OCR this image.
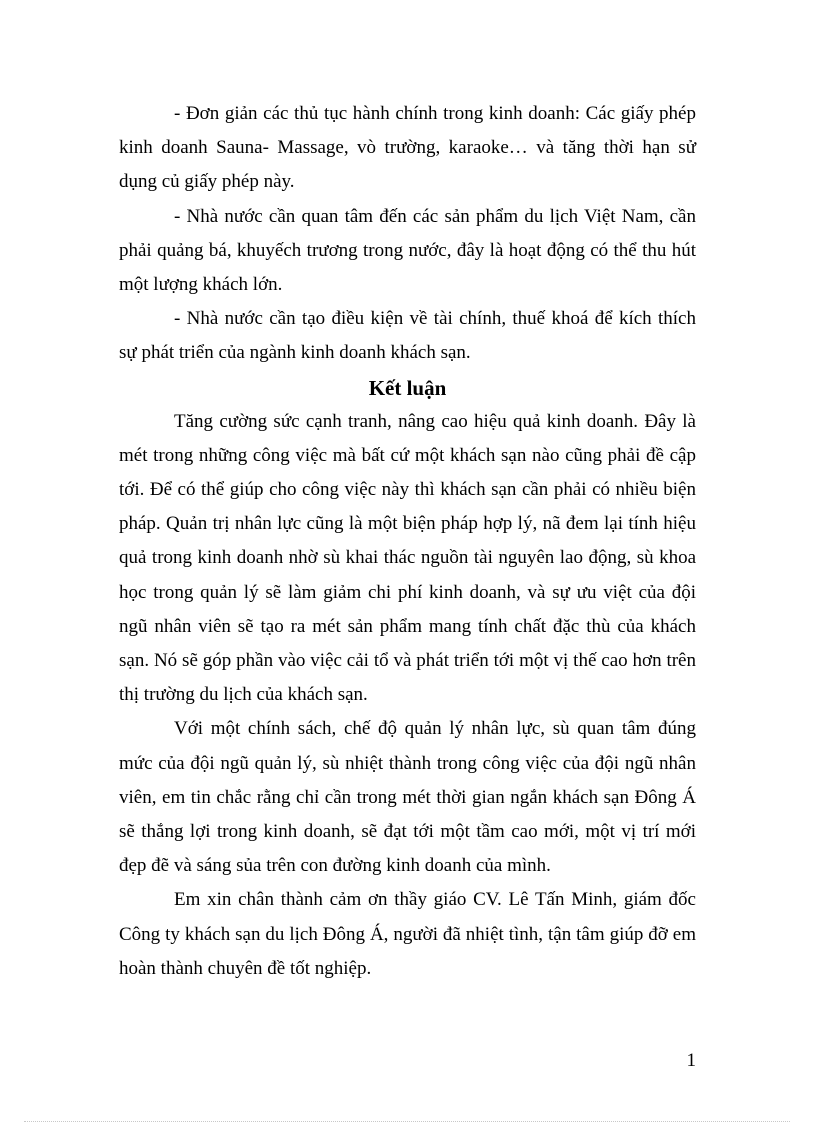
- Đơn giản các thủ tục hành chính trong kinh doanh: Các giấy phép kinh doanh Sauna- Massage, vò trường, karaoke… và tăng thời hạn sử dụng củ giấy phép này.

- Nhà nước cần quan tâm đến các sản phẩm du lịch Việt Nam, cần phải quảng bá, khuyếch trương trong nước, đây là hoạt động có thể thu hút một lượng khách lớn.

- Nhà nước cần tạo điều kiện về tài chính, thuế khoá để kích thích sự phát triển của ngành kinh doanh khách sạn.

Kết luận

Tăng cường sức cạnh tranh, nâng cao hiệu quả kinh doanh. Đây là mét trong những công việc mà bất cứ một khách sạn nào cũng phải đề cập tới. Để có thể giúp cho công việc này thì khách sạn cần phải có nhiều biện pháp. Quản trị nhân lực cũng là một biện pháp hợp lý, nã đem lại tính hiệu quả trong kinh doanh nhờ sù khai thác nguồn tài nguyên lao động, sù khoa học trong quản lý sẽ làm giảm chi phí kinh doanh, và sự ưu việt của đội ngũ nhân viên sẽ tạo ra mét sản phẩm mang tính chất đặc thù của khách sạn. Nó sẽ góp phần vào việc cải tổ và phát triển tới một vị thế cao hơn trên thị trường du lịch của khách sạn.

Với một chính sách, chế độ quản lý nhân lực, sù quan tâm đúng mức của đội ngũ quản lý, sù nhiệt thành trong công việc của đội ngũ nhân viên, em tin chắc rằng chỉ cần trong mét thời gian ngắn khách sạn Đông Á sẽ thắng lợi trong kinh doanh, sẽ đạt tới một tầm cao mới, một vị trí mới đẹp đẽ và sáng sủa trên con đường kinh doanh của mình.

Em xin chân thành cảm ơn thầy giáo CV. Lê Tấn Minh, giám đốc Công ty khách sạn du lịch Đông Á, người đã nhiệt tình, tận tâm giúp đỡ em hoàn thành chuyên đề tốt nghiệp.

1
